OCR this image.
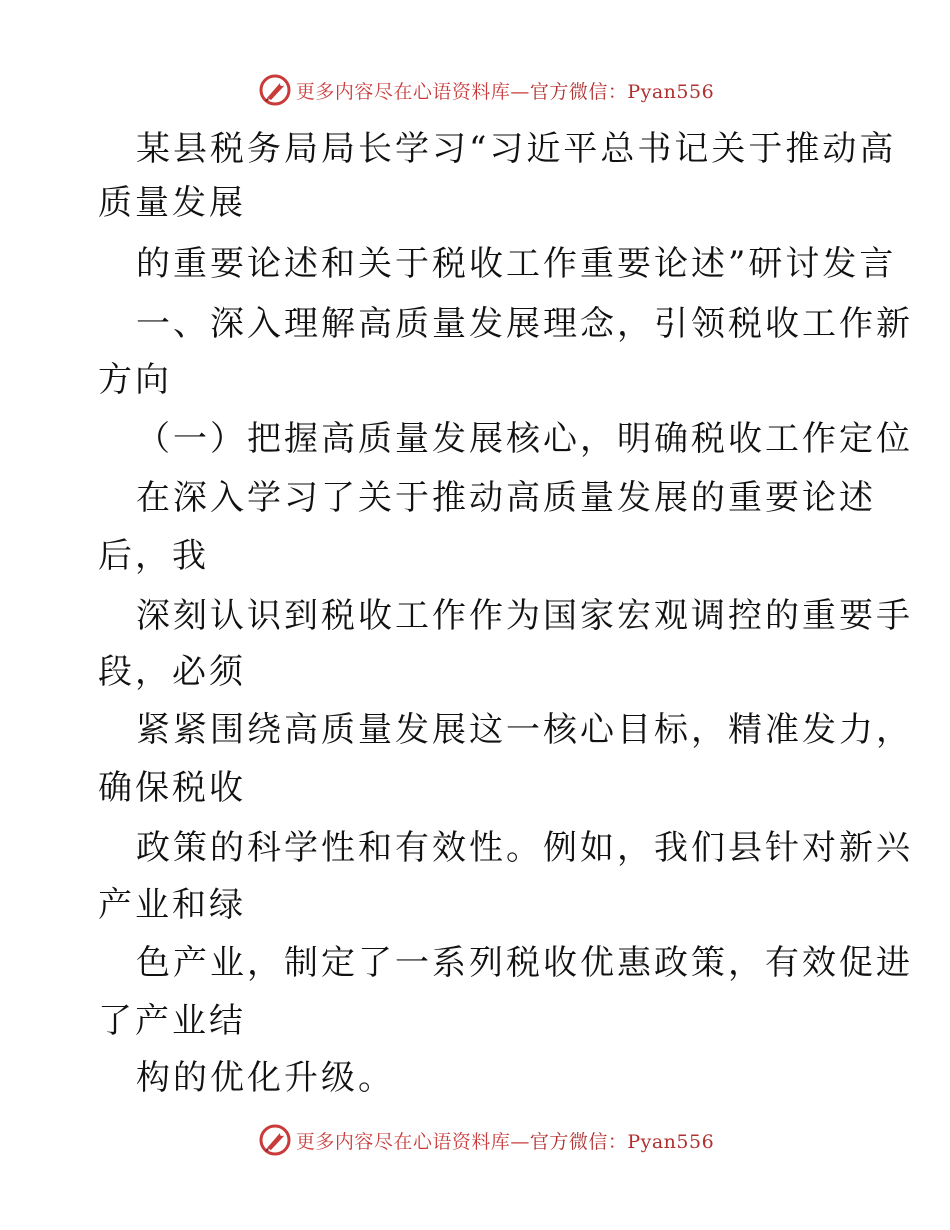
更多内容尽在心语资料库—官方微信：Pyan556
某县税务局局长学习“习近平总书记关于推动高
质量发展
的重要论述和关于税收工作重要论述”研讨发言
一、深入理解高质量发展理念，引领税收工作新
方向
（一）把握高质量发展核心，明确税收工作定位
在深入学习了关于推动高质量发展的重要论述
后，我
深刻认识到税收工作作为国家宏观调控的重要手
段，必须
紧紧围绕高质量发展这一核心目标，精准发力，
确保税收
政策的科学性和有效性。例如，我们县针对新兴
产业和绿
色产业，制定了一系列税收优惠政策，有效促进
了产业结
构的优化升级。
更多内容尽在心语资料库—官方微信：Pyan556
